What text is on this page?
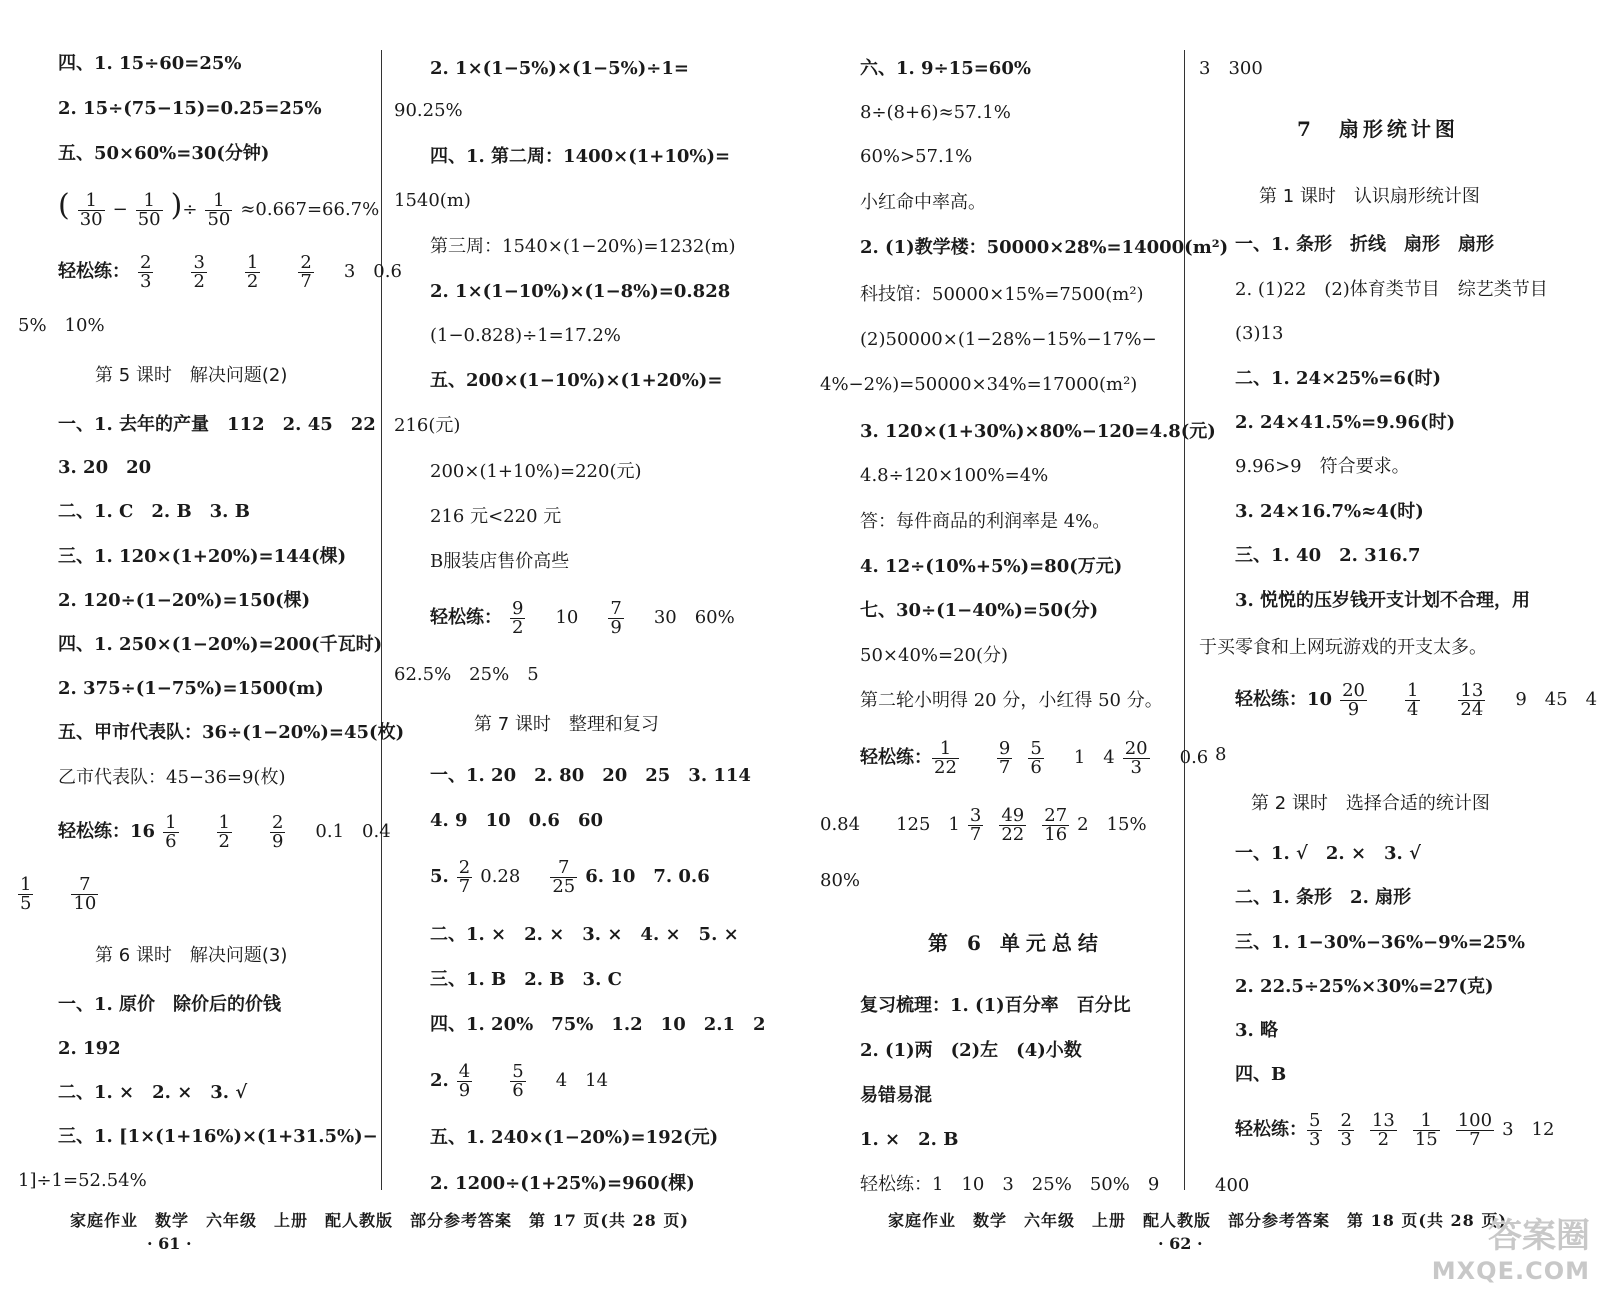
四、1. 15÷60=25%
2. 15÷(75−15)=0.25=25%
五、50×60%=30(分钟)
( $\frac{1}{30} - \frac{1}{50}$ )÷ $\frac{1}{50} \approx 0.667=66.7\%$
轻松练： $\frac{2}{3} \frac{3}{2} \frac{1}{2} \frac{2}{7} 3$　0.6
5%　10%
第 5 课时　解决问题(2)
一、1. 去年的产量　112　2. 45　22
3. 20　20
二、1. C　2. B　3. B
三、1. 120×(1+20%)=144(棵)
2. 120÷(1−20%)=150(棵)
四、1. 250×(1−20%)=200(千瓦时)
2. 375÷(1−75%)=1500(m)
五、甲市代表队：36÷(1−20%)=45(枚)
乙市代表队：45−36=9(枚)
轻松练：$16 \frac{1}{6} \frac{1}{2} \frac{2}{9} 0.1$　0.4
$\frac{1}{5} \frac{7}{10}$
第 6 课时　解决问题(3)
一、1. 原价　除价后的价钱
2. 192
二、1. ×　2. ×　3. √
三、1. [1×(1+16%)×(1+31.5%)−
1]÷1=52.54%
2. 1×(1−5%)×(1−5%)÷1=
90.25%
四、1. 第二周：1400×(1+10%)=
1540(m)
第三周：1540×(1−20%)=1232(m)
2. 1×(1−10%)×(1−8%)=0.828
(1−0.828)÷1=17.2%
五、200×(1−10%)×(1+20%)=
216(元)
200×(1+10%)=220(元)
216 元<220 元
B服装店售价高些
轻松练： $\frac{9}{2} 10 \frac{7}{9} 30$　60%
62.5%　25%　5
第 7 课时　整理和复习
一、1. 20　2. 80　20　25　3. 114
4. 9　10　0.6　60
5. $\frac{2}{7} 0.28 \frac{7}{25} 6$. 10　7. 0.6
二、1. ×　2. ×　3. ×　4. ×　5. ×
三、1. B　2. B　3. C
四、1. 20%　75%　1.2　10　2.1　2
2. $\frac{4}{9} \frac{5}{6} 4$　14
五、1. 240×(1−20%)=192(元)
2. 1200÷(1+25%)=960(棵)
六、1. 9÷15=60%
8÷(8+6)≈57.1%
60%>57.1%
小红命中率高。
2. (1)教学楼：50000×28%=14000(m²)
科技馆：50000×15%=7500(m²)
(2)50000×(1−28%−15%−17%−
4%−2%)=50000×34%=17000(m²)
3. 120×(1+30%)×80%−120=4.8(元)
4.8÷120×100%=4%
答：每件商品的利润率是 4%。
4. 12÷(10%+5%)=80(万元)
七、30÷(1−40%)=50(分)
50×40%=20(分)
第二轮小明得 20 分，小红得 50 分。
轻松练： $\frac{1}{22} \frac{9}{7} \frac{5}{6} 1$　$4 \frac{20}{3} 0.6$
0.84　　125　$1 \frac{3}{7} \frac{49}{22} \frac{27}{16} 2$　15%
80%
第 6 单元总结
复习梳理：1. (1)百分率　百分比
2. (1)两　(2)左　(4)小数
易错易混
1. ×　2. B
轻松练：1　10　3　25%　50%　9
3　300
7　扇形统计图
第 1 课时　认识扇形统计图
一、1. 条形　折线　扇形　扇形
2. (1)22　(2)体育类节目　综艺类节目
(3)13
二、1. 24×25%=6(时)
2. 24×41.5%=9.96(时)
9.96>9　符合要求。
3. 24×16.7%≈4(时)
三、1. 40　2. 316.7
3. 悦悦的压岁钱开支计划不合理，用
于买零食和上网玩游戏的开支太多。
轻松练：$10 \frac{20}{9} \frac{1}{4} \frac{13}{24} 9$　45　4
8
第 2 课时　选择合适的统计图
一、1. √　2. ×　3. √
二、1. 条形　2. 扇形
三、1. 1−30%−36%−9%=25%
2. 22.5÷25%×30%=27(克)
3. 略
四、B
轻松练： $\frac{5}{3} \frac{2}{3} \frac{13}{2} \frac{1}{15} \frac{100}{7} 3$　12
400
家庭作业　数学　六年级　上册　配人教版　部分参考答案　第 17 页(共 28 页)
· 61 ·
家庭作业　数学　六年级　上册　配人教版　部分参考答案　第 18 页(共 28 页)
· 62 ·	答案圈
MXQE.COM
